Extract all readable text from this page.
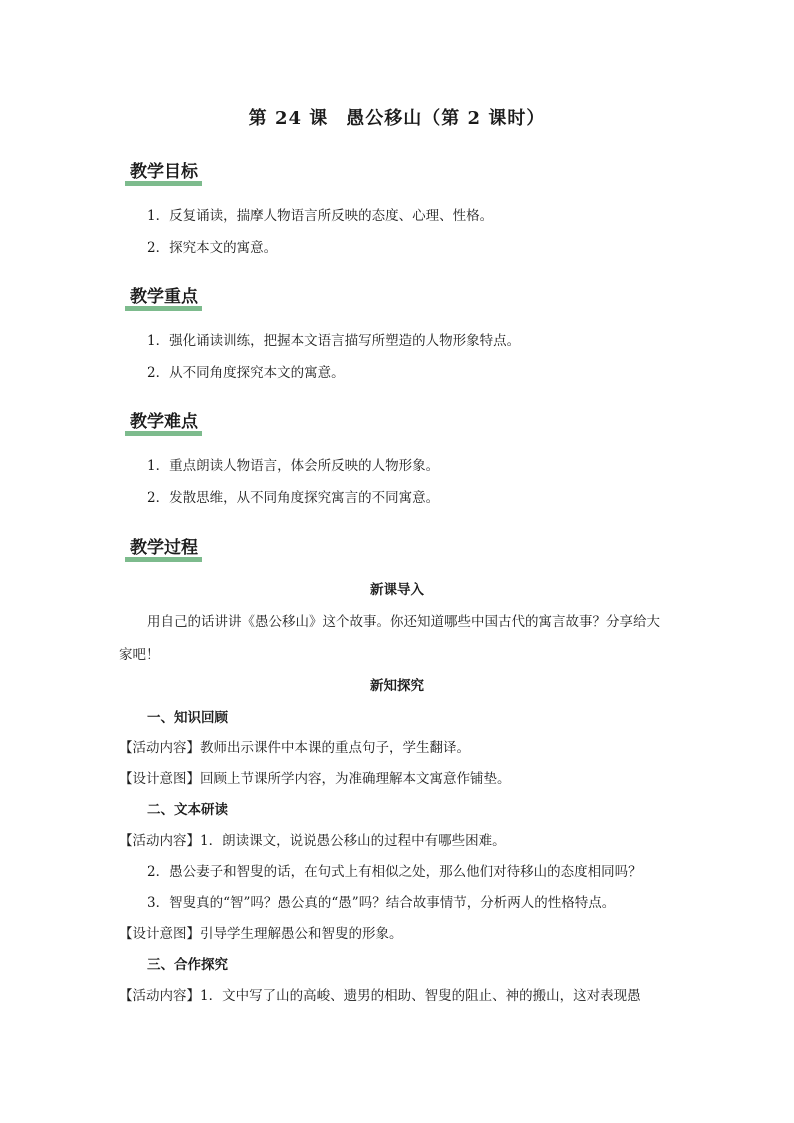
第 24 课 愚公移山（第 2 课时）
教学目标
1．反复诵读，揣摩人物语言所反映的态度、心理、性格。
2．探究本文的寓意。
教学重点
1．强化诵读训练，把握本文语言描写所塑造的人物形象特点。
2．从不同角度探究本文的寓意。
教学难点
1．重点朗读人物语言，体会所反映的人物形象。
2．发散思维，从不同角度探究寓言的不同寓意。
教学过程
新课导入
用自己的话讲讲《愚公移山》这个故事。你还知道哪些中国古代的寓言故事？分享给大
家吧！
新知探究
一、知识回顾
【活动内容】教师出示课件中本课的重点句子，学生翻译。
【设计意图】回顾上节课所学内容，为准确理解本文寓意作铺垫。
二、文本研读
【活动内容】1．朗读课文，说说愚公移山的过程中有哪些困难。
2．愚公妻子和智叟的话，在句式上有相似之处，那么他们对待移山的态度相同吗？
3．智叟真的“智”吗？愚公真的“愚”吗？结合故事情节，分析两人的性格特点。
【设计意图】引导学生理解愚公和智叟的形象。
三、合作探究
【活动内容】1．文中写了山的高峻、遗男的相助、智叟的阻止、神的搬山，这对表现愚
